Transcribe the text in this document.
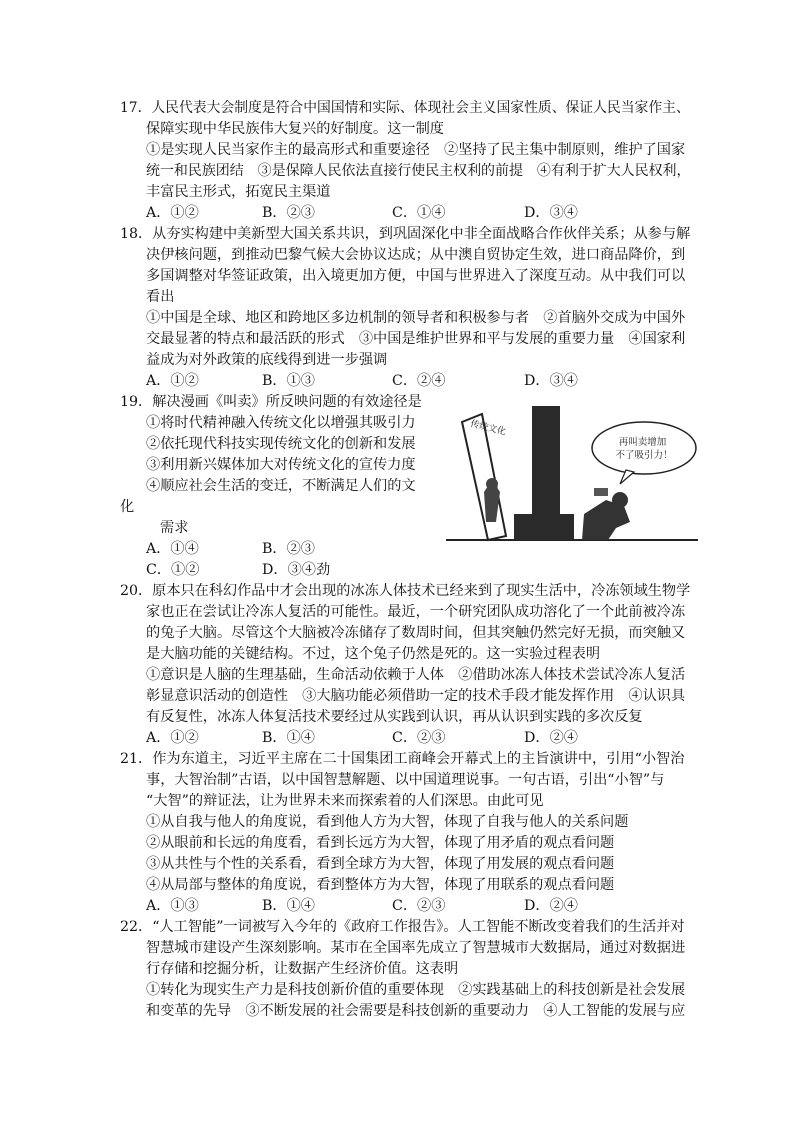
17．人民代表大会制度是符合中国国情和实际、体现社会主义国家性质、保证人民当家作主、
保障实现中华民族伟大复兴的好制度。这一制度
①是实现人民当家作主的最高形式和重要途径　②坚持了民主集中制原则，维护了国家
统一和民族团结　③是保障人民依法直接行使民主权利的前提　④有利于扩大人民权利，
丰富民主形式，拓宽民主渠道
A．①②	B．②③	C．①④	D．③④
18．从夯实构建中美新型大国关系共识，到巩固深化中非全面战略合作伙伴关系；从参与解
决伊核问题，到推动巴黎气候大会协议达成；从中澳自贸协定生效，进口商品降价，到
多国调整对华签证政策，出入境更加方便，中国与世界进入了深度互动。从中我们可以
看出
①中国是全球、地区和跨地区多边机制的领导者和积极参与者　②首脑外交成为中国外
交最显著的特点和最活跃的形式　③中国是维护世界和平与发展的重要力量　④国家利
益成为对外政策的底线得到进一步强调
A．①②	B．①③	C．②④	D．③④
19．解决漫画《叫卖》所反映问题的有效途径是
①将时代精神融入传统文化以增强其吸引力
②依托现代科技实现传统文化的创新和发展
③利用新兴媒体加大对传统文化的宣传力度
④顺应社会生活的变迁，不断满足人们的文
化
需求
A．①④	B．②③
C．①②	D．③④劲
传统文化
再叫卖增加 不了吸引力！
20．原本只在科幻作品中才会出现的冰冻人体技术已经来到了现实生活中，冷冻领域生物学
家也正在尝试让冷冻人复活的可能性。最近，一个研究团队成功溶化了一个此前被冷冻
的兔子大脑。尽管这个大脑被冷冻储存了数周时间，但其突触仍然完好无损，而突触又
是大脑功能的关键结构。不过，这个兔子仍然是死的。这一实验过程表明
①意识是人脑的生理基础，生命活动依赖于人体　②借助冰冻人体技术尝试冷冻人复活
彰显意识活动的创造性　③大脑功能必须借助一定的技术手段才能发挥作用　④认识具
有反复性，冰冻人体复活技术要经过从实践到认识，再从认识到实践的多次反复
A．①②	B．①④	C．②③	D．②④
21．作为东道主，习近平主席在二十国集团工商峰会开幕式上的主旨演讲中，引用“小智治
事，大智治制”古语，以中国智慧解题、以中国道理说事。一句古语，引出“小智”与
“大智”的辩证法，让为世界未来而探索着的人们深思。由此可见
①从自我与他人的角度说，看到他人方为大智，体现了自我与他人的关系问题
②从眼前和长远的角度看，看到长远方为大智，体现了用矛盾的观点看问题
③从共性与个性的关系看，看到全球方为大智，体现了用发展的观点看问题
④从局部与整体的角度说，看到整体方为大智，体现了用联系的观点看问题
A．①③	B．①④	C．②③	D．②④
22．“人工智能”一词被写入今年的《政府工作报告》。人工智能不断改变着我们的生活并对
智慧城市建设产生深刻影响。某市在全国率先成立了智慧城市大数据局，通过对数据进
行存储和挖掘分析，让数据产生经济价值。这表明
①转化为现实生产力是科技创新价值的重要体现　②实践基础上的科技创新是社会发展
和变革的先导　③不断发展的社会需要是科技创新的重要动力　④人工智能的发展与应
